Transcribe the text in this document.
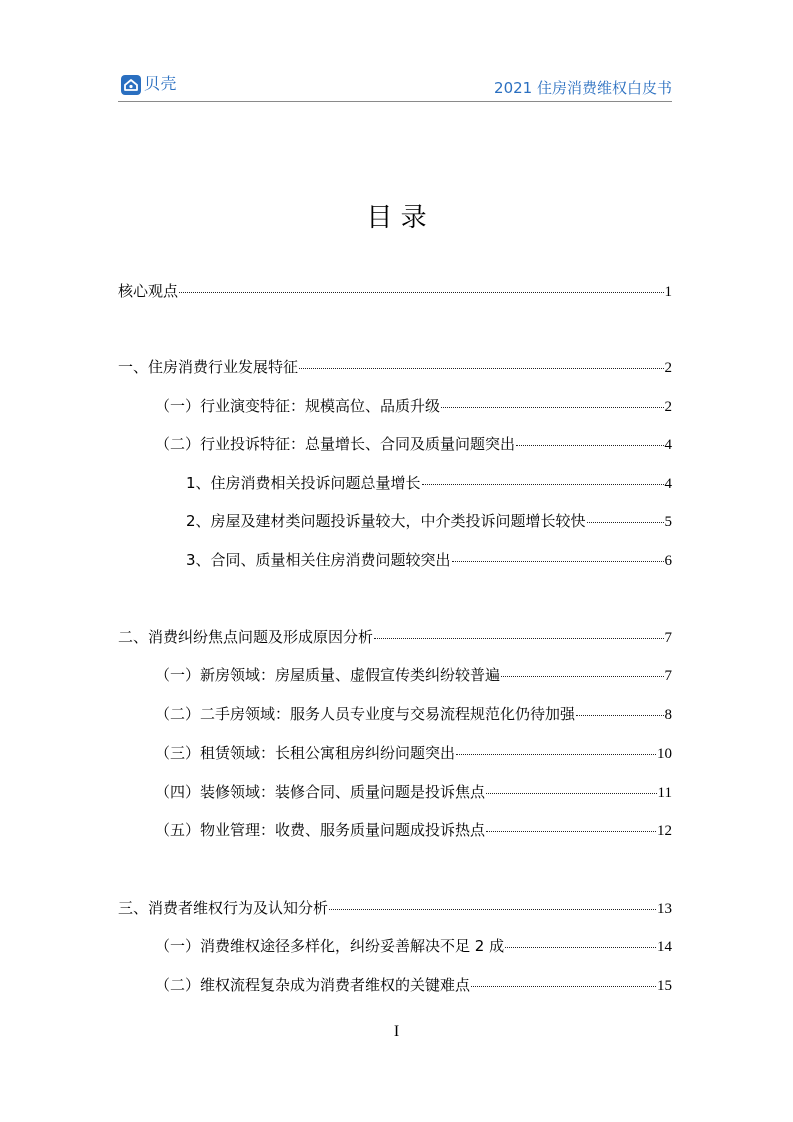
贝壳	2021 住房消费维权白皮书
目 录
核心观点	1
一、住房消费行业发展特征	2
（一）行业演变特征：规模高位、品质升级	2
（二）行业投诉特征：总量增长、合同及质量问题突出	4
1、住房消费相关投诉问题总量增长	4
2、房屋及建材类问题投诉量较大，中介类投诉问题增长较快	5
3、合同、质量相关住房消费问题较突出	6
二、消费纠纷焦点问题及形成原因分析	7
（一）新房领域：房屋质量、虚假宣传类纠纷较普遍	7
（二）二手房领域：服务人员专业度与交易流程规范化仍待加强	8
（三）租赁领域：长租公寓租房纠纷问题突出	10
（四）装修领域：装修合同、质量问题是投诉焦点	11
（五）物业管理：收费、服务质量问题成投诉热点	12
三、消费者维权行为及认知分析	13
（一）消费维权途径多样化，纠纷妥善解决不足 2 成	14
（二）维权流程复杂成为消费者维权的关键难点	15
I
